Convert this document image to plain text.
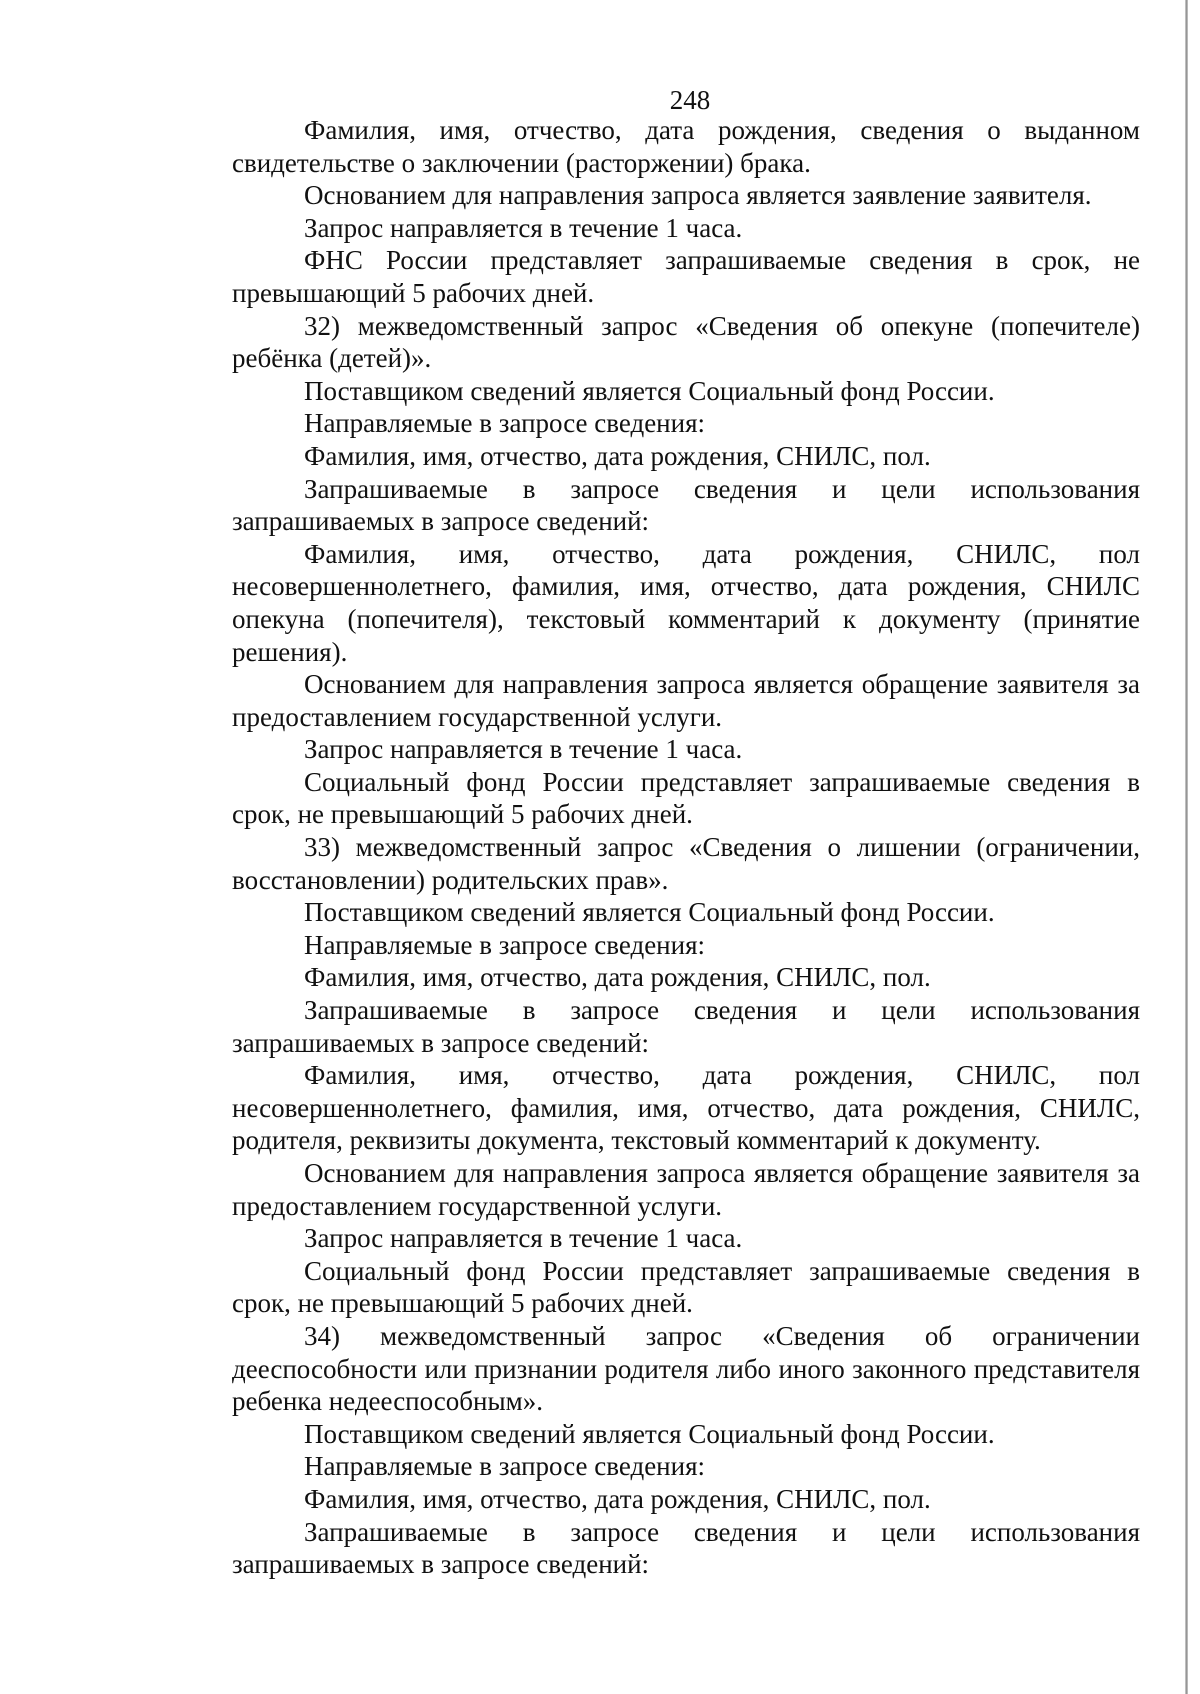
248

Фамилия, имя, отчество, дата рождения, сведения о выданном свидетельстве о заключении (расторжении) брака.

Основанием для направления запроса является заявление заявителя.

Запрос направляется в течение 1 часа.

ФНС России представляет запрашиваемые сведения в срок, не превышающий 5 рабочих дней.

32) межведомственный запрос «Сведения об опекуне (попечителе) ребёнка (детей)».

Поставщиком сведений является Социальный фонд России.

Направляемые в запросе сведения:

Фамилия, имя, отчество, дата рождения, СНИЛС, пол.

Запрашиваемые в запросе сведения и цели использования запрашиваемых в запросе сведений:

Фамилия, имя, отчество, дата рождения, СНИЛС, пол несовершеннолетнего, фамилия, имя, отчество, дата рождения, СНИЛС опекуна (попечителя), текстовый комментарий к документу (принятие решения).

Основанием для направления запроса является обращение заявителя за предоставлением государственной услуги.

Запрос направляется в течение 1 часа.

Социальный фонд России представляет запрашиваемые сведения в срок, не превышающий 5 рабочих дней.

33) межведомственный запрос «Сведения о лишении (ограничении, восстановлении) родительских прав».

Поставщиком сведений является Социальный фонд России.

Направляемые в запросе сведения:

Фамилия, имя, отчество, дата рождения, СНИЛС, пол.

Запрашиваемые в запросе сведения и цели использования запрашиваемых в запросе сведений:

Фамилия, имя, отчество, дата рождения, СНИЛС, пол несовершеннолетнего, фамилия, имя, отчество, дата рождения, СНИЛС, родителя, реквизиты документа, текстовый комментарий к документу.

Основанием для направления запроса является обращение заявителя за предоставлением государственной услуги.

Запрос направляется в течение 1 часа.

Социальный фонд России представляет запрашиваемые сведения в срок, не превышающий 5 рабочих дней.

34) межведомственный запрос «Сведения об ограничении дееспособности или признании родителя либо иного законного представителя ребенка недееспособным».

Поставщиком сведений является Социальный фонд России.

Направляемые в запросе сведения:

Фамилия, имя, отчество, дата рождения, СНИЛС, пол.

Запрашиваемые в запросе сведения и цели использования запрашиваемых в запросе сведений:
